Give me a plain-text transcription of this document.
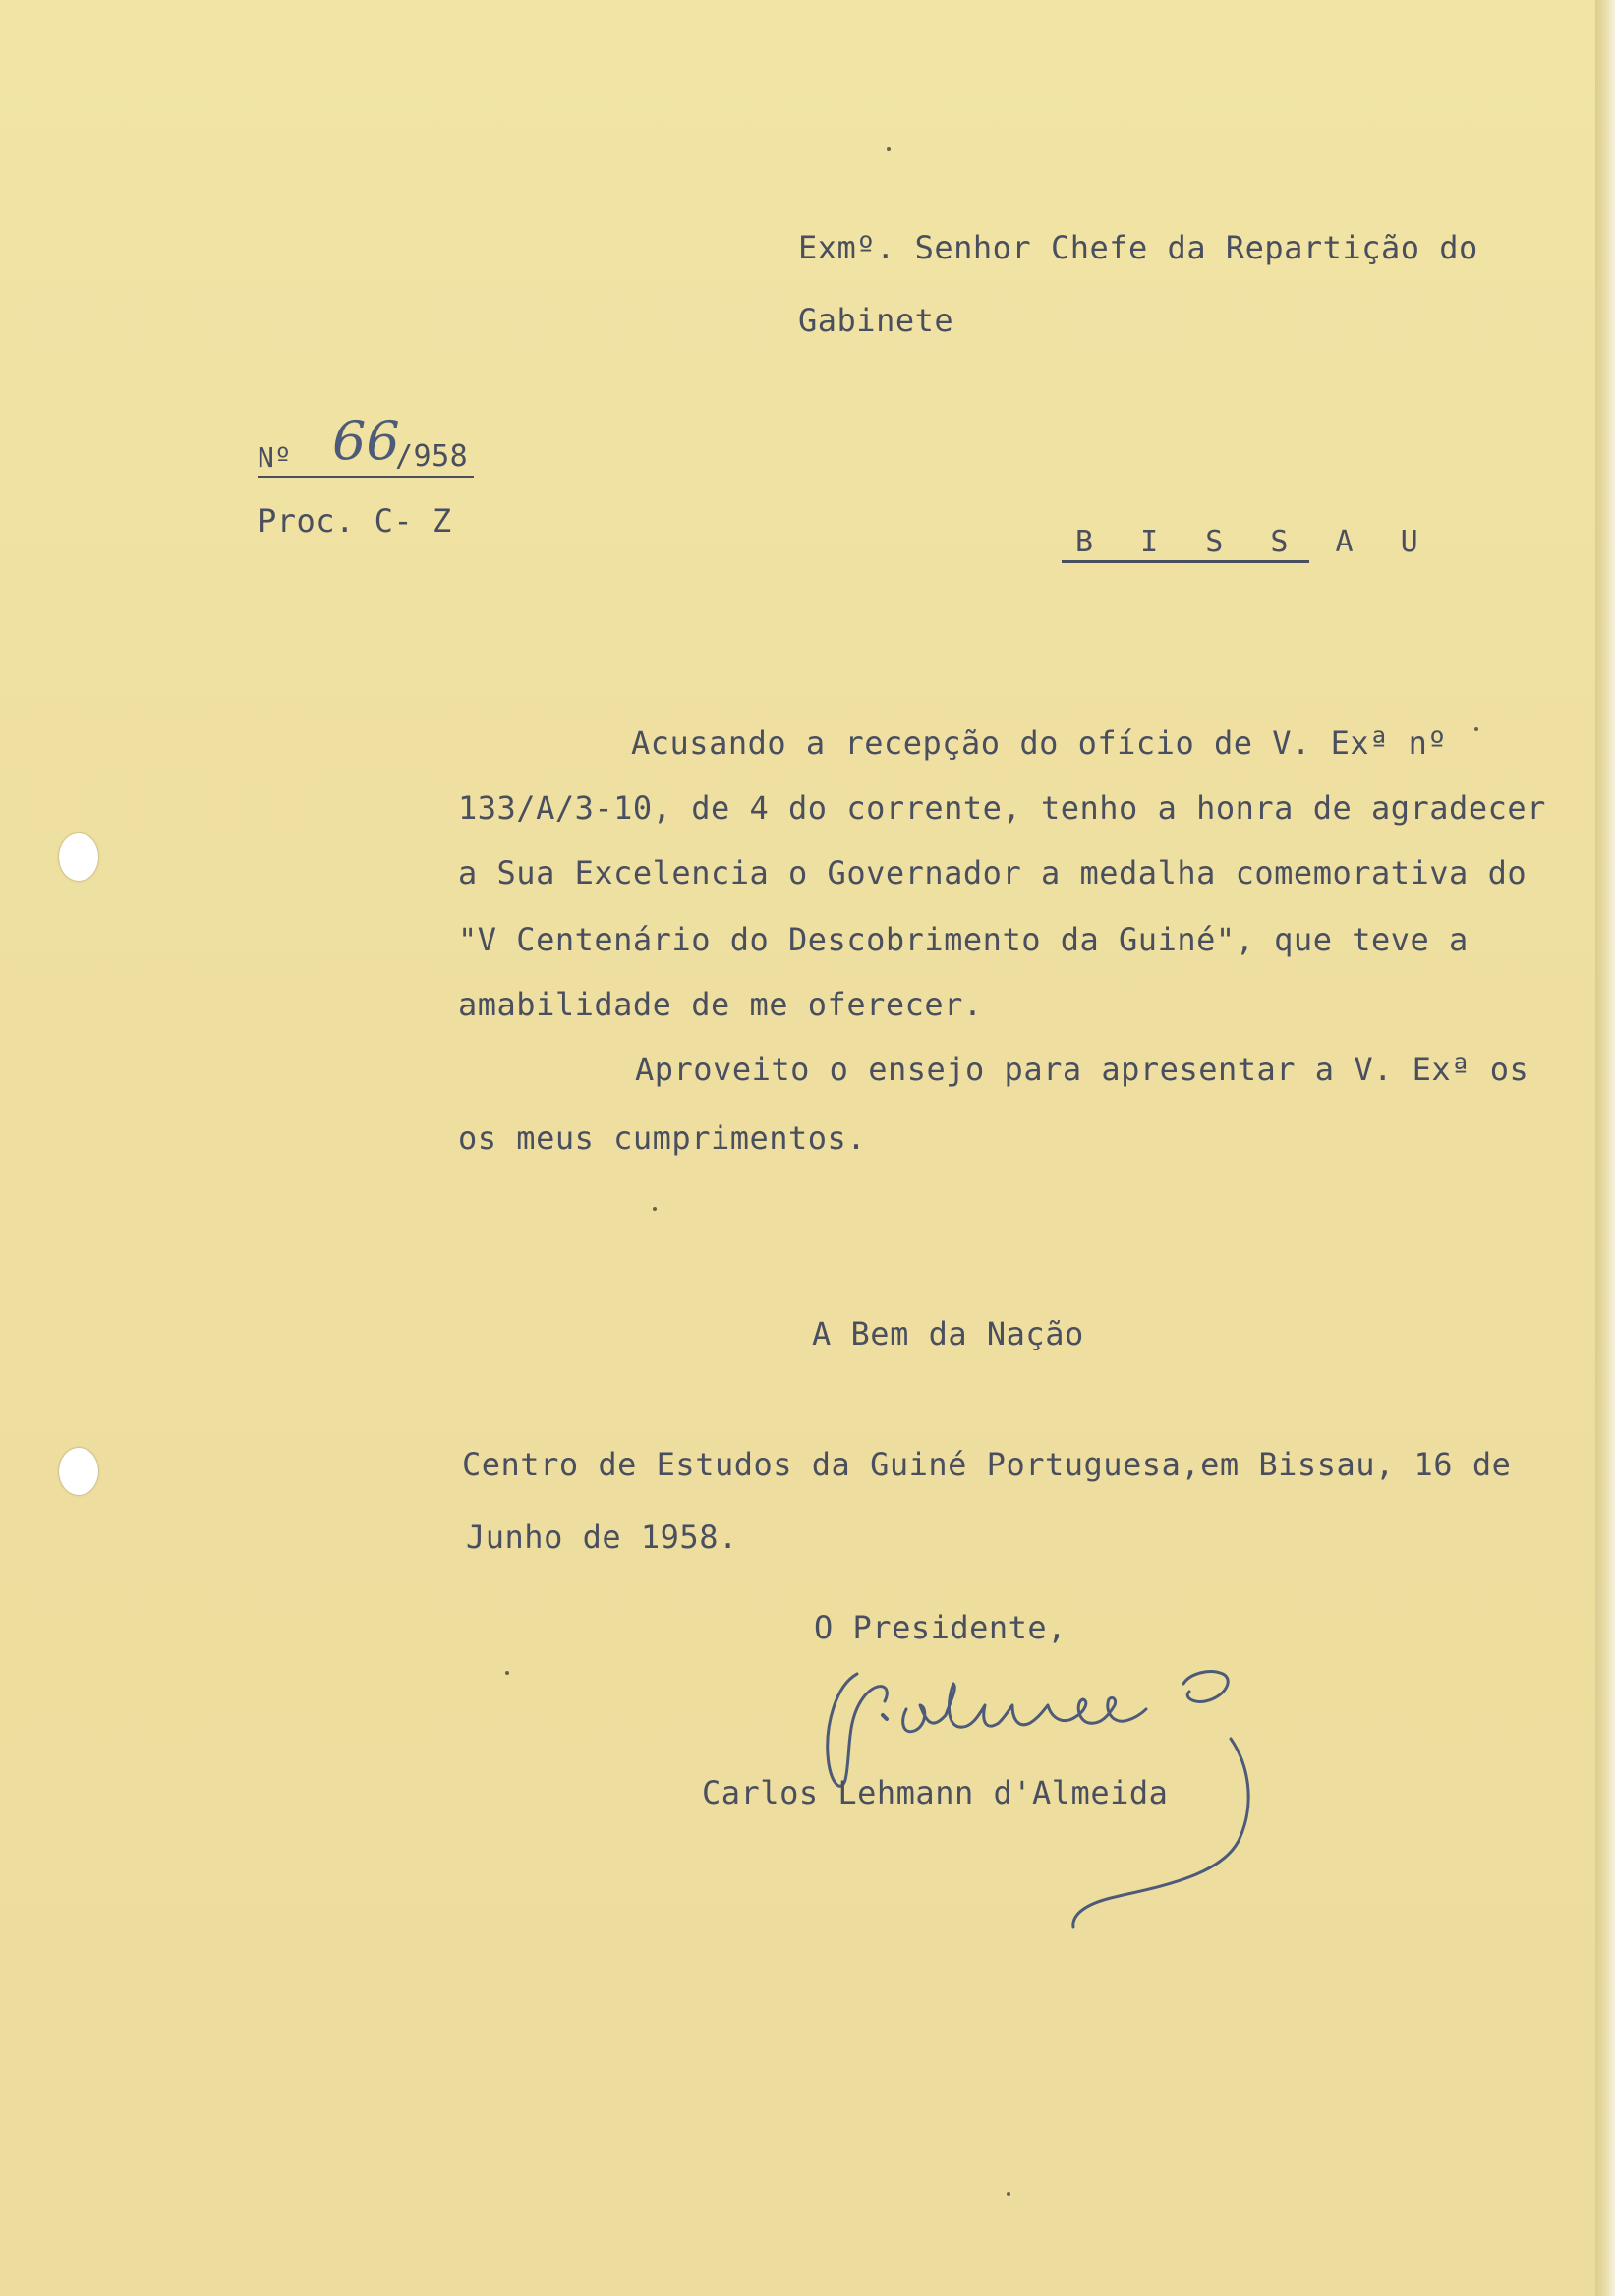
Exmº. Senhor Chefe da Repartição do
Gabinete
Nº 66
/958
Proc. C- Z
B I S S A U
Acusando a recepção do ofício de V. Exª nº
133/A/3-10, de 4 do corrente, tenho a honra de agradecer
a Sua Excelencia o Governador a medalha comemorativa do
"V Centenário do Descobrimento da Guiné", que teve a
amabilidade de me oferecer.
Aproveito o ensejo para apresentar a V. Exª os
os meus cumprimentos.
A Bem da Nação
Centro de Estudos da Guiné Portuguesa,em Bissau, 16 de
Junho de 1958.
O Presidente,
Carlos Lehmann d'Almeida
